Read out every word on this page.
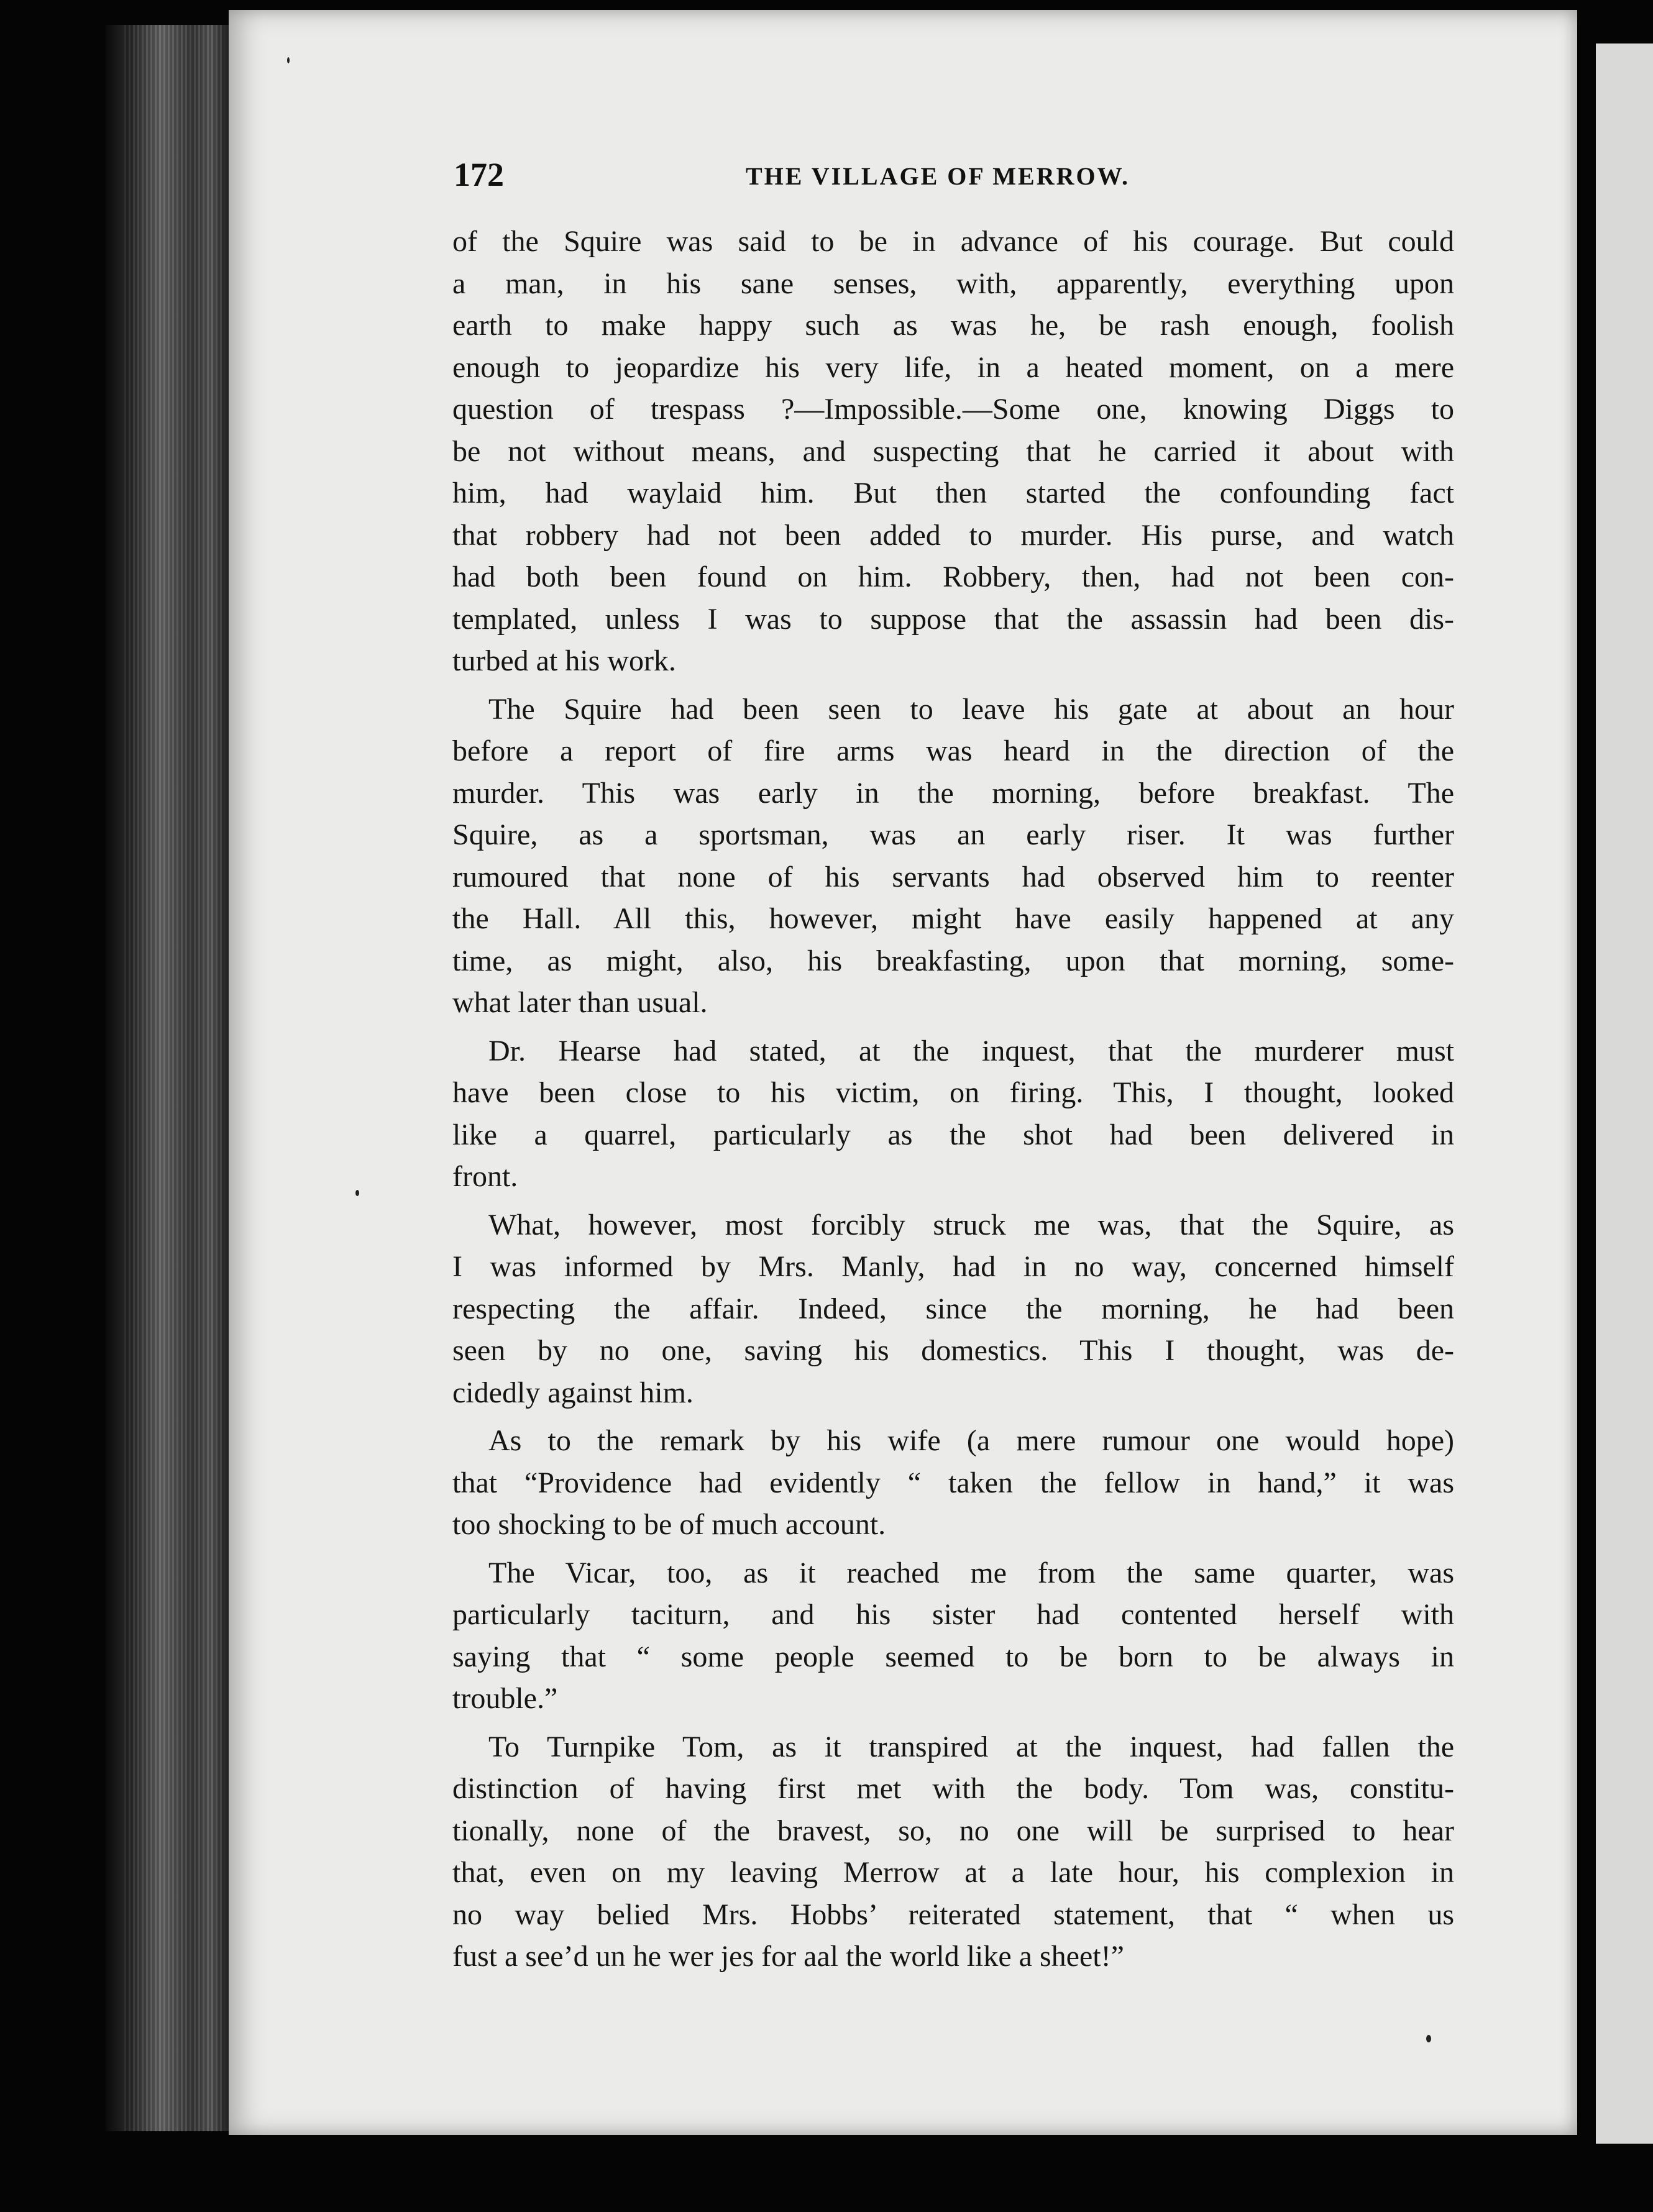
172	THE VILLAGE OF MERROW.
of the Squire was said to be in advance of his courage. But could
a man, in his sane senses, with, apparently, everything upon
earth to make happy such as was he, be rash enough, foolish
enough to jeopardize his very life, in a heated moment, on a mere
question of trespass ?—Impossible.—Some one, knowing Diggs to
be not without means, and suspecting that he carried it about with
him, had waylaid him. But then started the confounding fact
that robbery had not been added to murder. His purse, and watch
had both been found on him. Robbery, then, had not been con-
templated, unless I was to suppose that the assassin had been dis-
turbed at his work.
The Squire had been seen to leave his gate at about an hour
before a report of fire arms was heard in the direction of the
murder. This was early in the morning, before breakfast. The
Squire, as a sportsman, was an early riser. It was further
rumoured that none of his servants had observed him to reenter
the Hall. All this, however, might have easily happened at any
time, as might, also, his breakfasting, upon that morning, some-
what later than usual.
Dr. Hearse had stated, at the inquest, that the murderer must
have been close to his victim, on firing. This, I thought, looked
like a quarrel, particularly as the shot had been delivered in
front.
What, however, most forcibly struck me was, that the Squire, as
I was informed by Mrs. Manly, had in no way, concerned himself
respecting the affair. Indeed, since the morning, he had been
seen by no one, saving his domestics. This I thought, was de-
cidedly against him.
As to the remark by his wife (a mere rumour one would hope)
that “Providence had evidently “ taken the fellow in hand,” it was
too shocking to be of much account.
The Vicar, too, as it reached me from the same quarter, was
particularly taciturn, and his sister had contented herself with
saying that “ some people seemed to be born to be always in
trouble.”
To Turnpike Tom, as it transpired at the inquest, had fallen the
distinction of having first met with the body. Tom was, constitu-
tionally, none of the bravest, so, no one will be surprised to hear
that, even on my leaving Merrow at a late hour, his complexion in
no way belied Mrs. Hobbs’ reiterated statement, that “ when us
fust a see’d un he wer jes for aal the world like a sheet!”
